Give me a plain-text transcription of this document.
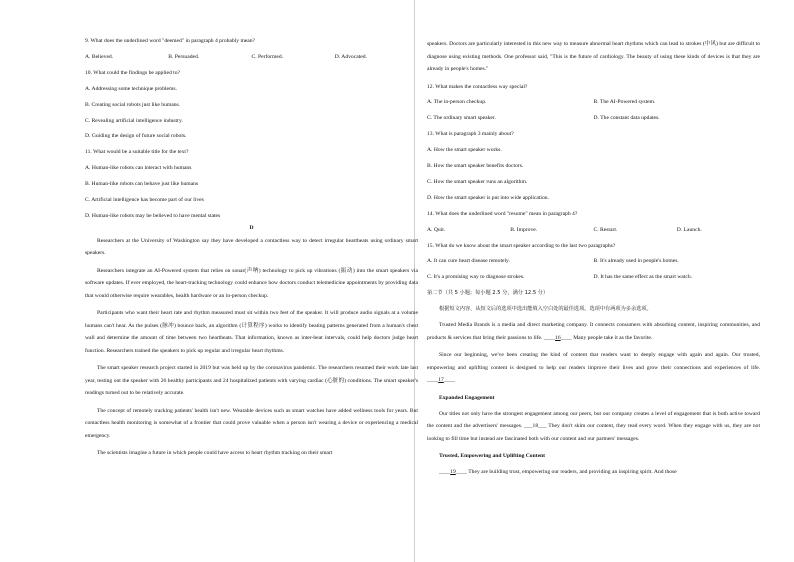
9. What does the underlined word "deemed" in paragraph 4 probably mean?

A. Believed.	B. Persuaded.	C. Performed.	D. Advocated.

10. What could the findings be applied to?

A. Addressing some technique problems.

B. Creating social robots just like humans.

C. Revealing artificial intelligence industry.

D. Guiding the design of future social robots.

11. What would be a suitable title for the text?

A. Human-like robots can interact with humans

B. Human-like robots can behave just like humans

C. Artificial intelligence has become part of our lives

D. Human-like robots may be believed to have mental states

D

Researchers at the University of Washington say they have developed a contactless way to detect irregular heartbeats using ordinary smart speakers.

Researchers integrate an AI-Powered system that relies on sonar(声呐) technology to pick up vibrations (振动) into the smart speakers via software updates. If ever employed, the heart-tracking technology could enhance how doctors conduct telemedicine appointments by providing data that would otherwise require wearables, health hardware or an in-person checkup.

Participants who want their heart rate and rhythm measured must sit within two feet of the speaker. It will produce audio signals at a volume humans can't hear. As the pulses (脉冲) bounce back, an algorithm (计算程序) works to identify beating patterns generated from a human's chest wall and determine the amount of time between two heartbeats. That information, known as inter-beat intervals, could help doctors judge heart function. Researchers trained the speakers to pick up regular and irregular heart rhythms.

The smart speaker research project started in 2019 but was held up by the coronavirus pandemic. The researchers resumed their work late last year, testing out the speaker with 26 healthy participants and 24 hospitalized patients with varying cardiac (心脏的) conditions. The smart speaker's readings turned out to be relatively accurate.

The concept of remotely tracking patients' health isn't new. Wearable devices such as smart watches have added wellness tools for years. But contactless health monitoring is somewhat of a frontier that could prove valuable when a person isn't wearing a device or experiencing a medical emergency.

The scientists imagine a future in which people could have access to heart rhythm tracking on their smart

speakers. Doctors are particularly interested in this new way to measure abnormal heart rhythms which can lead to strokes (中风) but are difficult to diagnose using existing methods. One professor said, "This is the future of cardiology. The beauty of using these kinds of devices is that they are already in people's homes."

12. What makes the contactless way special?

A. The in-person checkup.	B. The AI-Powered system.
C. The ordinary smart speaker.	D. The constant data updates.

13. What is paragraph 3 mainly about?

A. How the smart speaker works.

B. How the smart speaker benefits doctors.

C. How the smart speaker runs an algorithm.

D. How the smart speaker is put into wide application.

14. What does the underlined word "resume" mean in paragraph 4?

A. Quit.	B. Improve.	C. Restart.	D. Launch.

15. What do we know about the smart speaker according to the last two paragraphs?

A. It can cure heart disease remotely.	B. It's already used in people's homes.
C. It's a promising way to diagnose strokes.	D. It has the same effect as the smart watch.

第二节（共 5 小题；每小题 2.5 分，满分 12.5 分）

根据短文内容，从短文后的选项中选出能填入空白处的最佳选项。选项中有两项为多余选项。

Trusted Media Brands is a media and direct marketing company. It connects consumers with absorbing content, inspiring communities, and products & services that bring their passions to life. ____16____ Many people take it as the favorite.

Since our beginning, we've been creating the kind of content that readers want to deeply engage with again and again. Our trusted, empowering and uplifting content is designed to help our readers improve their lives and grow their connections and experiences of life. ____17____

Expanded Engagement

Our titles not only have the strongest engagement among our peers, but our company creates a level of engagement that is both active toward the content and the advertisers' messages. ___18___ They don't skim our content, they read every word. When they engage with us, they are not looking to fill time but instead are fascinated both with our content and our partners' messages.

Trusted, Empowering and Uplifting Content

____19____ They are building trust, empowering our readers, and providing an inspiring spirit. And those
